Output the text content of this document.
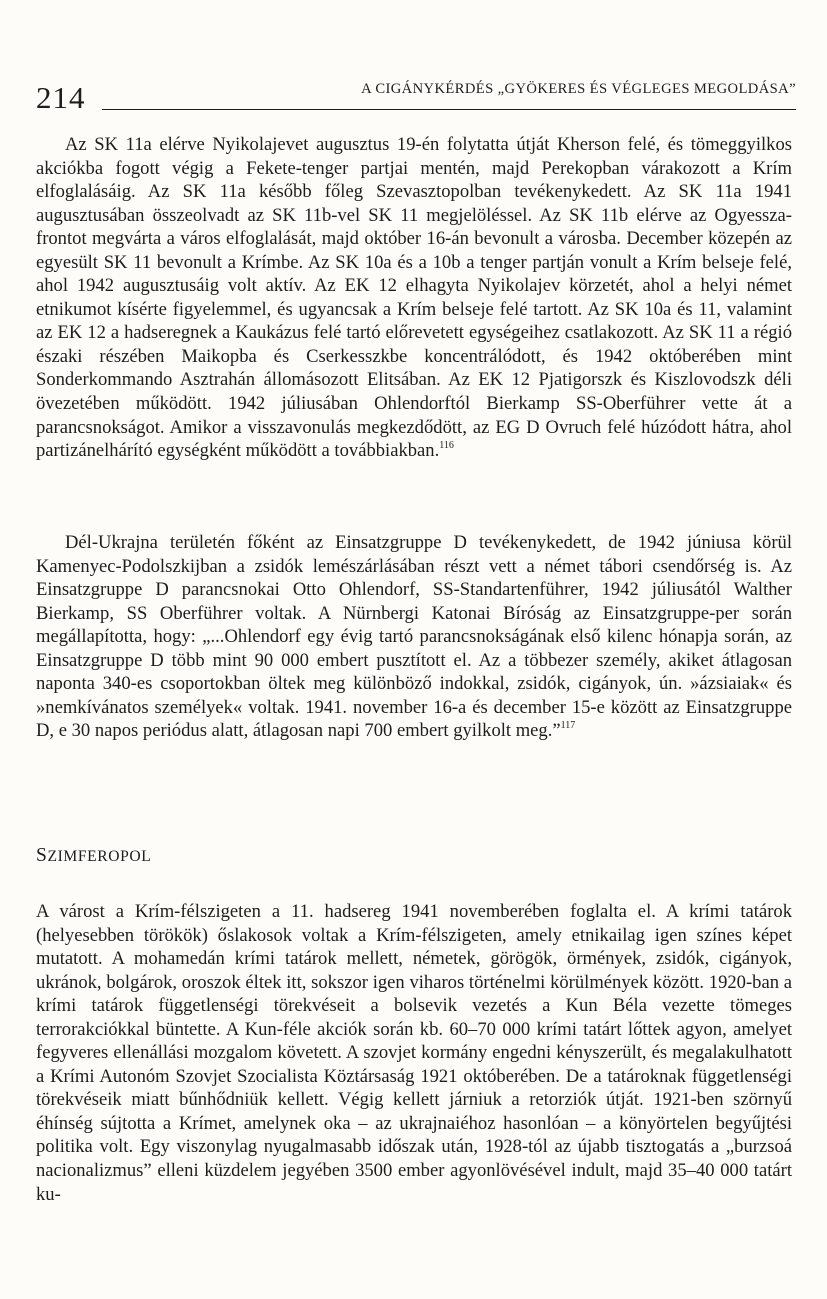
214	A CIGÁNYKÉRDÉS „GYÖKERES ÉS VÉGLEGES MEGOLDÁSA”

Az SK 11a elérve Nyikolajevet augusztus 19-én folytatta útját Kherson felé, és tömeggyilkos akciókba fogott végig a Fekete-tenger partjai mentén, majd Perekopban várakozott a Krím elfoglalásáig. Az SK 11a később főleg Szevasztopolban tevékenykedett. Az SK 11a 1941 augusztusában összeolvadt az SK 11b-vel SK 11 megjelöléssel. Az SK 11b elérve az Ogyessza-frontot megvárta a város elfoglalását, majd október 16-án bevonult a városba. December közepén az egyesült SK 11 bevonult a Krímbe. Az SK 10a és a 10b a tenger partján vonult a Krím belseje felé, ahol 1942 augusztusáig volt aktív. Az EK 12 elhagyta Nyikolajev körzetét, ahol a helyi német etnikumot kísérte figyelemmel, és ugyancsak a Krím belseje felé tartott. Az SK 10a és 11, valamint az EK 12 a hadseregnek a Kaukázus felé tartó előrevetett egységeihez csatlakozott. Az SK 11 a régió északi részében Maikopba és Cserkesszkbe koncentrálódott, és 1942 októberében mint Sonderkommando Asztrahán állomásozott Elitsában. Az EK 12 Pjatigorszk és Kiszlovodszk déli övezetében működött. 1942 júliusában Ohlendorftól Bierkamp SS-Oberführer vette át a parancsnokságot. Amikor a visszavonulás megkezdődött, az EG D Ovruch felé húzódott hátra, ahol partizánelhárító egységként működött a továbbiakban.$^{116}$

Dél-Ukrajna területén főként az Einsatzgruppe D tevékenykedett, de 1942 júniusa körül Kamenyec-Podolszkijban a zsidók lemészárlásában részt vett a német tábori csendőrség is. Az Einsatzgruppe D parancsnokai Otto Ohlendorf, SS-Standartenführer, 1942 júliusától Walther Bierkamp, SS Oberführer voltak. A Nürnbergi Katonai Bíróság az Einsatzgruppe-per során megállapította, hogy: „...Ohlendorf egy évig tartó parancsnokságának első kilenc hónapja során, az Einsatzgruppe D több mint 90 000 embert pusztított el. Az a többezer személy, akiket átlagosan naponta 340-es csoportokban öltek meg különböző indokkal, zsidók, cigányok, ún. »ázsiaiak« és »nemkívánatos személyek« voltak. 1941. november 16-a és december 15-e között az Einsatzgruppe D, e 30 napos periódus alatt, átlagosan napi 700 embert gyilkolt meg.”$^{117}$

SZIMFEROPOL

A várost a Krím-félszigeten a 11. hadsereg 1941 novemberében foglalta el. A krími tatárok (helyesebben törökök) őslakosok voltak a Krím-félszigeten, amely etnikailag igen színes képet mutatott. A mohamedán krími tatárok mellett, németek, görögök, örmények, zsidók, cigányok, ukránok, bolgárok, oroszok éltek itt, sokszor igen viharos történelmi körülmények között. 1920-ban a krími tatárok függetlenségi törekvéseit a bolsevik vezetés a Kun Béla vezette tömeges terrorakciókkal büntette. A Kun-féle akciók során kb. 60–70 000 krími tatárt lőttek agyon, amelyet fegyveres ellenállási mozgalom követett. A szovjet kormány engedni kényszerült, és megalakulhatott a Krími Autonóm Szovjet Szocialista Köztársaság 1921 októberében. De a tatároknak függetlenségi törekvéseik miatt bűnhődniük kellett. Végig kellett járniuk a retorziók útját. 1921-ben szörnyű éhínség sújtotta a Krímet, amelynek oka – az ukrajnaiéhoz hasonlóan – a könyörtelen begyűjtési politika volt. Egy viszonylag nyugalmasabb időszak után, 1928-tól az újabb tisztogatás a „burzsoá nacionalizmus” elleni küzdelem jegyében 3500 ember agyonlövésével indult, majd 35–40 000 tatárt ku-
